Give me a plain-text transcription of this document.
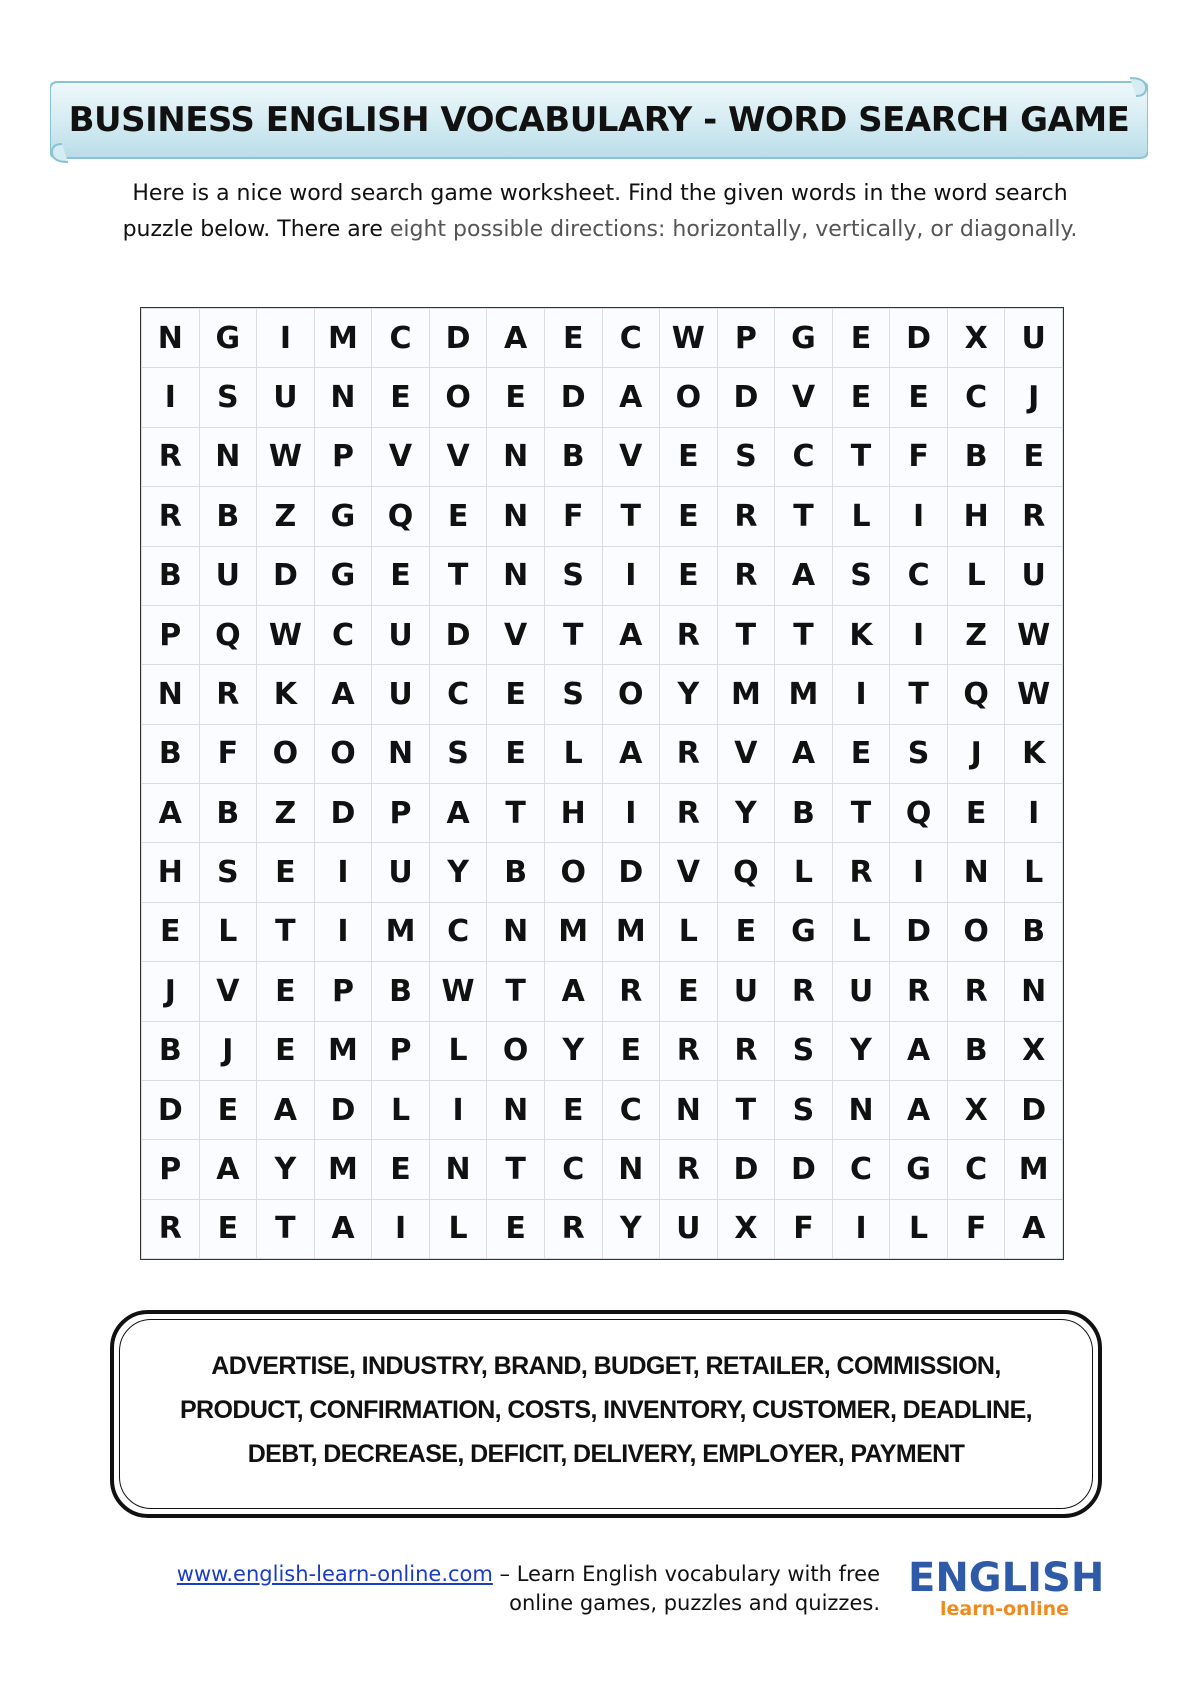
BUSINESS ENGLISH VOCABULARY - WORD SEARCH GAME
Here is a nice word search game worksheet. Find the given words in the word search
puzzle below. There are eight possible directions: horizontally, vertically, or diagonally.
N	G	I	M	C	D	A	E	C	W	P	G	E	D	X	U
I	S	U	N	E	O	E	D	A	O	D	V	E	E	C	J
R	N	W	P	V	V	N	B	V	E	S	C	T	F	B	E
R	B	Z	G	Q	E	N	F	T	E	R	T	L	I	H	R
B	U	D	G	E	T	N	S	I	E	R	A	S	C	L	U
P	Q	W	C	U	D	V	T	A	R	T	T	K	I	Z	W
N	R	K	A	U	C	E	S	O	Y	M	M	I	T	Q	W
B	F	O	O	N	S	E	L	A	R	V	A	E	S	J	K
A	B	Z	D	P	A	T	H	I	R	Y	B	T	Q	E	I
H	S	E	I	U	Y	B	O	D	V	Q	L	R	I	N	L
E	L	T	I	M	C	N	M	M	L	E	G	L	D	O	B
J	V	E	P	B	W	T	A	R	E	U	R	U	R	R	N
B	J	E	M	P	L	O	Y	E	R	R	S	Y	A	B	X
D	E	A	D	L	I	N	E	C	N	T	S	N	A	X	D
P	A	Y	M	E	N	T	C	N	R	D	D	C	G	C	M
R	E	T	A	I	L	E	R	Y	U	X	F	I	L	F	A
ADVERTISE, INDUSTRY, BRAND, BUDGET, RETAILER, COMMISSION,
PRODUCT, CONFIRMATION, COSTS, INVENTORY, CUSTOMER, DEADLINE,
DEBT, DECREASE, DEFICIT, DELIVERY, EMPLOYER, PAYMENT
www.english-learn-online.com – Learn English vocabulary with free
online games, puzzles and quizzes.
ENGLISH
learn-online
